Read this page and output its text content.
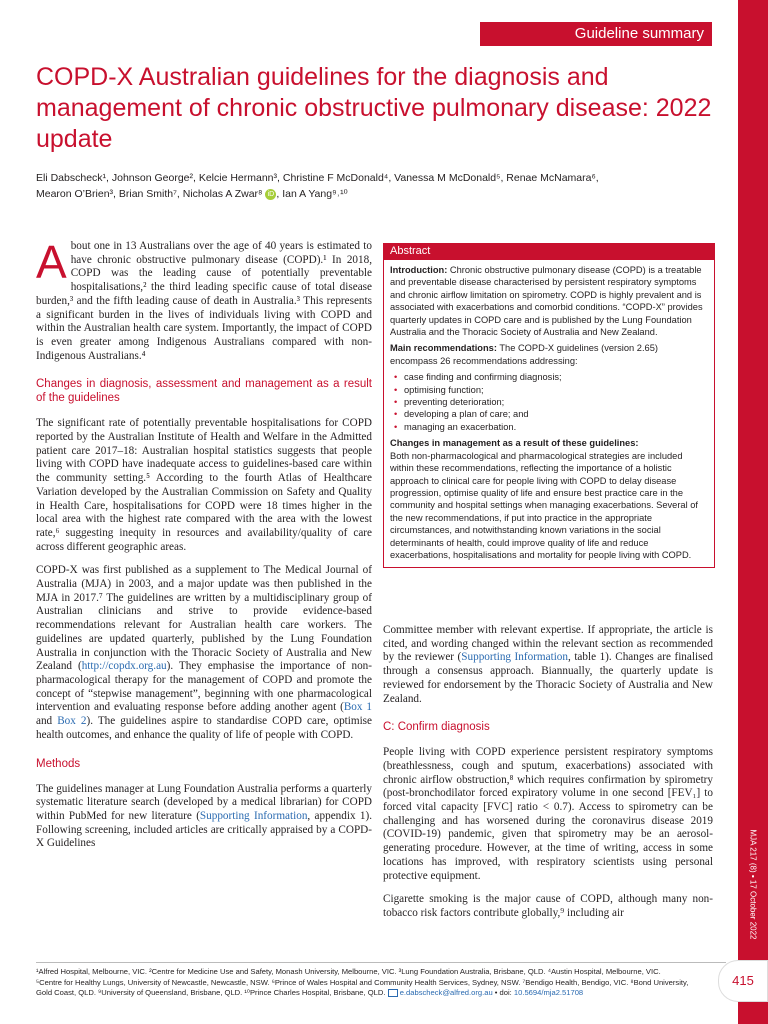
MJA 217 (8) ▪ 17 October 2022
415
Guideline summary
COPD-X Australian guidelines for the diagnosis and management of chronic obstructive pulmonary disease: 2022 update
Eli Dabscheck¹, Johnson George², Kelcie Hermann³, Christine F McDonald⁴, Vanessa M McDonald⁵, Renae McNamara⁶,
Mearon O’Brien³, Brian Smith⁷, Nicholas A Zwar⁸ iD , Ian A Yang⁹˒¹⁰

About one in 13 Australians over the age of 40 years is estimated to have chronic obstructive pulmonary disease (COPD).¹ In 2018, COPD was the leading cause of potentially preventable hospitalisations,² the third leading specific cause of total disease burden,³ and the fifth leading cause of death in Australia.³ This represents a significant burden in the lives of individuals living with COPD and within the Australian health care system. Importantly, the impact of COPD is even greater among Indigenous Australians compared with non-Indigenous Australians.⁴

Changes in diagnosis, assessment and management as a result of the guidelines

The significant rate of potentially preventable hospitalisations for COPD reported by the Australian Institute of Health and Welfare in the Admitted patient care 2017–18: Australian hospital statistics suggests that people living with COPD have inadequate access to guidelines-based care within the community setting.⁵ According to the fourth Atlas of Healthcare Variation developed by the Australian Commission on Safety and Quality in Health Care, hospitalisations for COPD were 18 times higher in the local area with the highest rate compared with the area with the lowest rate,⁶ suggesting inequity in resources and availability/quality of care across different geographic areas.

COPD-X was first published as a supplement to The Medical Journal of Australia (MJA) in 2003, and a major update was then published in the MJA in 2017.⁷ The guidelines are written by a multidisciplinary group of Australian clinicians and strive to provide evidence-based recommendations relevant for Australian health care workers. The guidelines are updated quarterly, published by the Lung Foundation Australia in conjunction with the Thoracic Society of Australia and New Zealand (http://copdx.org.au). They emphasise the importance of non-pharmacological therapy for the management of COPD and promote the concept of “stepwise management”, beginning with one pharmacological intervention and evaluating response before adding another agent (Box 1 and Box 2). The guidelines aspire to standardise COPD care, optimise health outcomes, and enhance the quality of life of people with COPD.

Methods

The guidelines manager at Lung Foundation Australia performs a quarterly systematic literature search (developed by a medical librarian) for COPD within PubMed for new literature (Supporting Information, appendix 1). Following screening, included articles are critically appraised by a COPD-X Guidelines

Abstract

Introduction: Chronic obstructive pulmonary disease (COPD) is a treatable and preventable disease characterised by persistent respiratory symptoms and chronic airflow limitation on spirometry. COPD is highly prevalent and is associated with exacerbations and comorbid conditions. “COPD-X” provides quarterly updates in COPD care and is published by the Lung Foundation Australia and the Thoracic Society of Australia and New Zealand.

Main recommendations: The COPD-X guidelines (version 2.65) encompass 26 recommendations addressing:

• case finding and confirming diagnosis;
• optimising function;
• preventing deterioration;
• developing a plan of care; and
• managing an exacerbation.

Changes in management as a result of these guidelines:
Both non-pharmacological and pharmacological strategies are included within these recommendations, reflecting the importance of a holistic approach to clinical care for people living with COPD to delay disease progression, optimise quality of life and ensure best practice care in the community and hospital settings when managing exacerbations. Several of the new recommendations, if put into practice in the appropriate circumstances, and notwithstanding known variations in the social determinants of health, could improve quality of life and reduce exacerbations, hospitalisations and mortality for people living with COPD.

Committee member with relevant expertise. If appropriate, the article is cited, and wording changed within the relevant section as recommended by the reviewer (Supporting Information, table 1). Changes are finalised through a consensus approach. Biannually, the quarterly update is reviewed for endorsement by the Thoracic Society of Australia and New Zealand.

C: Confirm diagnosis

People living with COPD experience persistent respiratory symptoms (breathlessness, cough and sputum, exacerbations) associated with chronic airflow obstruction,⁸ which requires confirmation by spirometry (post-bronchodilator forced expiratory volume in one second [FEV₁] to forced vital capacity [FVC] ratio < 0.7). Access to spirometry can be challenging and has worsened during the coronavirus disease 2019 (COVID-19) pandemic, given that spirometry may be an aerosol-generating procedure. However, at the time of writing, access in some locations has improved, with respiratory scientists using personal protective equipment.

Cigarette smoking is the major cause of COPD, although many non-tobacco risk factors contribute globally,⁹ including air

¹Alfred Hospital, Melbourne, VIC. ²Centre for Medicine Use and Safety, Monash University, Melbourne, VIC. ³Lung Foundation Australia, Brisbane, QLD. ⁴Austin Hospital, Melbourne, VIC.
⁵Centre for Healthy Lungs, University of Newcastle, Newcastle, NSW. ⁶Prince of Wales Hospital and Community Health Services, Sydney, NSW. ⁷Bendigo Health, Bendigo, VIC. ⁸Bond University,
Gold Coast, QLD. ⁹University of Queensland, Brisbane, QLD. ¹⁰Prince Charles Hospital, Brisbane, QLD. e.dabscheck@alfred.org.au • doi: 10.5694/mja2.51708
